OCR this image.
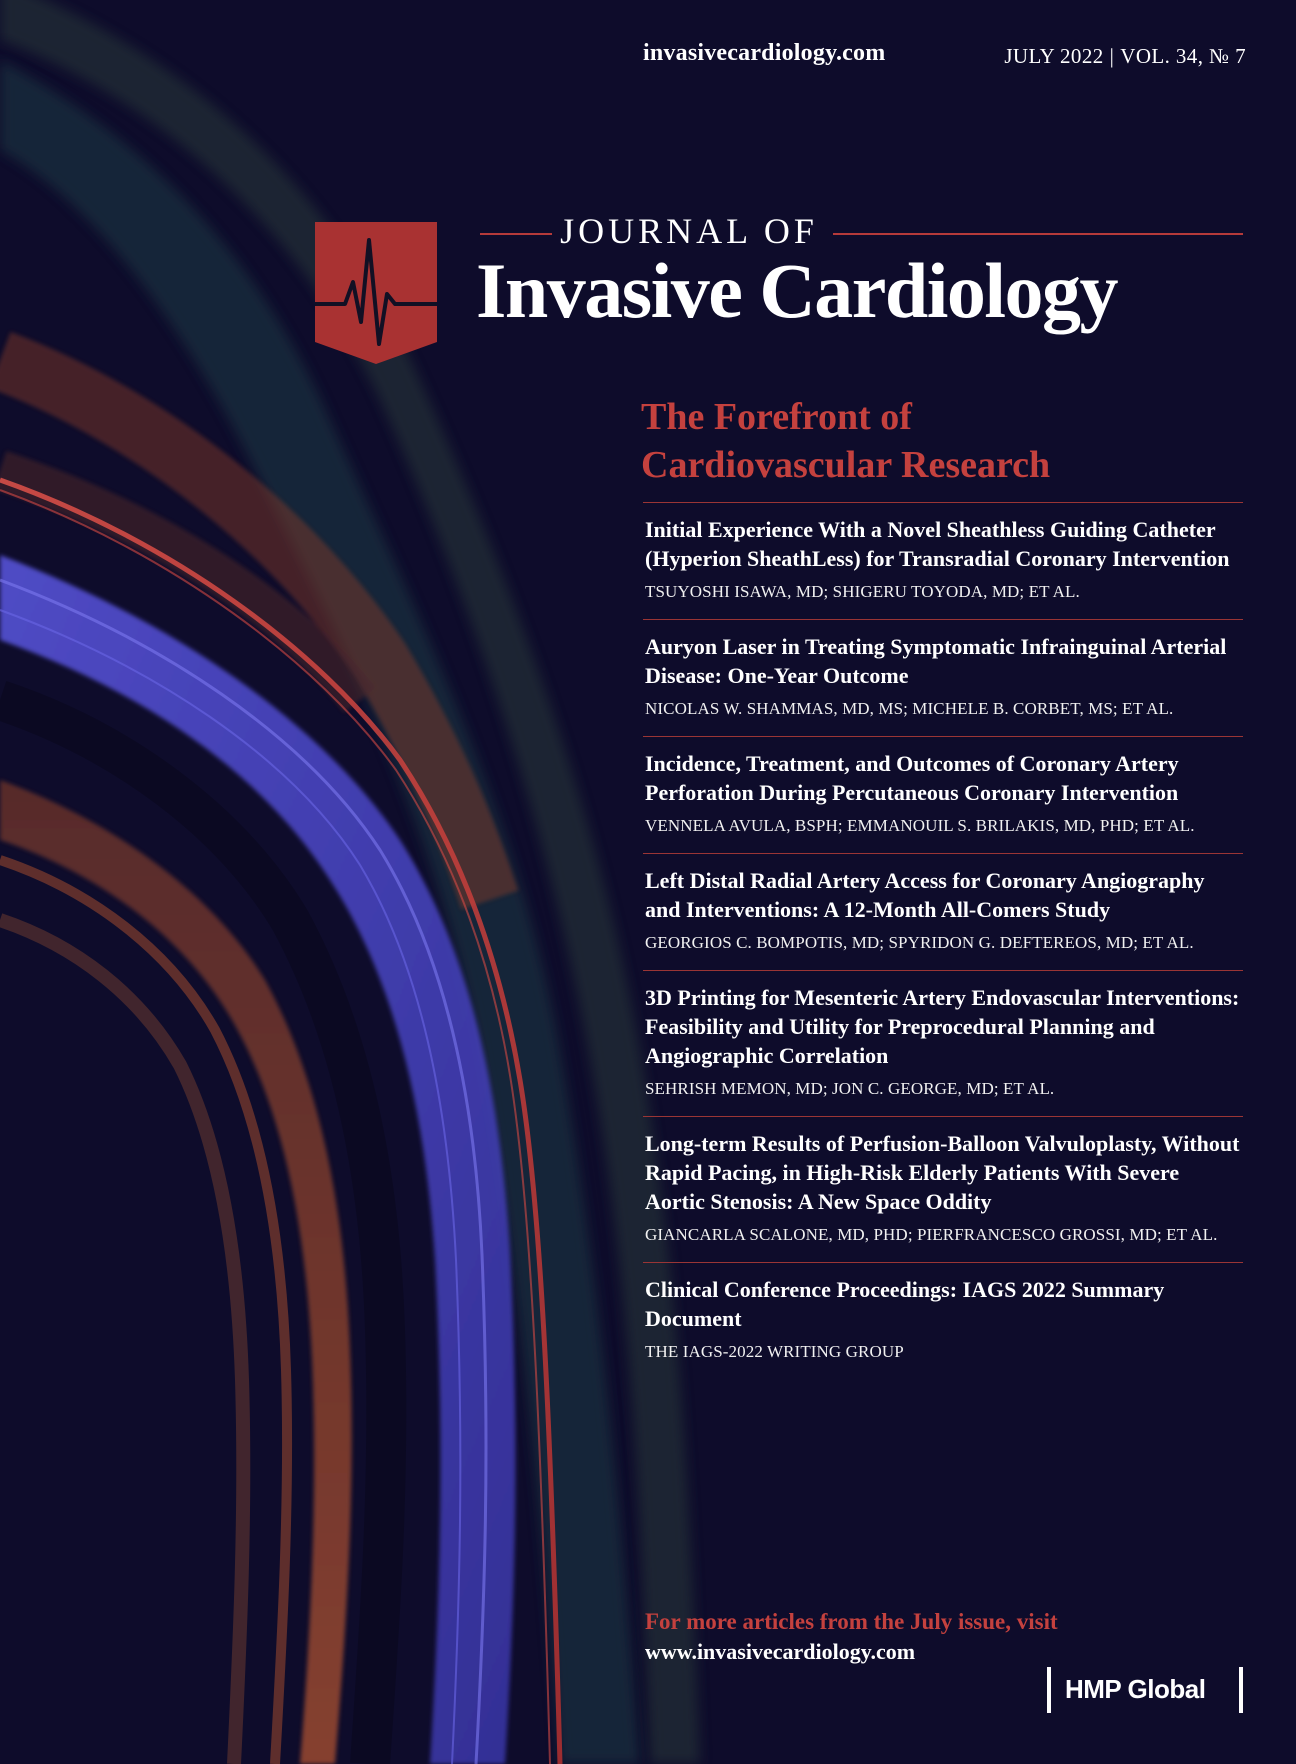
invasivecardiology.com	JULY 2022 | VOL. 34, № 7
JOURNAL OF
Invasive Cardiology
The Forefront of
Cardiovascular Research
Initial Experience With a Novel Sheathless Guiding Catheter (Hyperion SheathLess) for Transradial Coronary Intervention
TSUYOSHI ISAWA, MD; SHIGERU TOYODA, MD; ET AL.
Auryon Laser in Treating Symptomatic Infrainguinal Arterial Disease: One-Year Outcome
NICOLAS W. SHAMMAS, MD, MS; MICHELE B. CORBET, MS; ET AL.
Incidence, Treatment, and Outcomes of Coronary Artery Perforation During Percutaneous Coronary Intervention
VENNELA AVULA, BSPH; EMMANOUIL S. BRILAKIS, MD, PHD; ET AL.
Left Distal Radial Artery Access for Coronary Angiography and Interventions: A 12-Month All-Comers Study
GEORGIOS C. BOMPOTIS, MD; SPYRIDON G. DEFTEREOS, MD; ET AL.
3D Printing for Mesenteric Artery Endovascular Interventions: Feasibility and Utility for Preprocedural Planning and Angiographic Correlation
SEHRISH MEMON, MD; JON C. GEORGE, MD; ET AL.
Long-term Results of Perfusion-Balloon Valvuloplasty, Without Rapid Pacing, in High-Risk Elderly Patients With Severe Aortic Stenosis: A New Space Oddity
GIANCARLA SCALONE, MD, PHD; PIERFRANCESCO GROSSI, MD; ET AL.
Clinical Conference Proceedings: IAGS 2022 Summary Document
THE IAGS-2022 WRITING GROUP
For more articles from the July issue, visit
www.invasivecardiology.com
HMP Global
